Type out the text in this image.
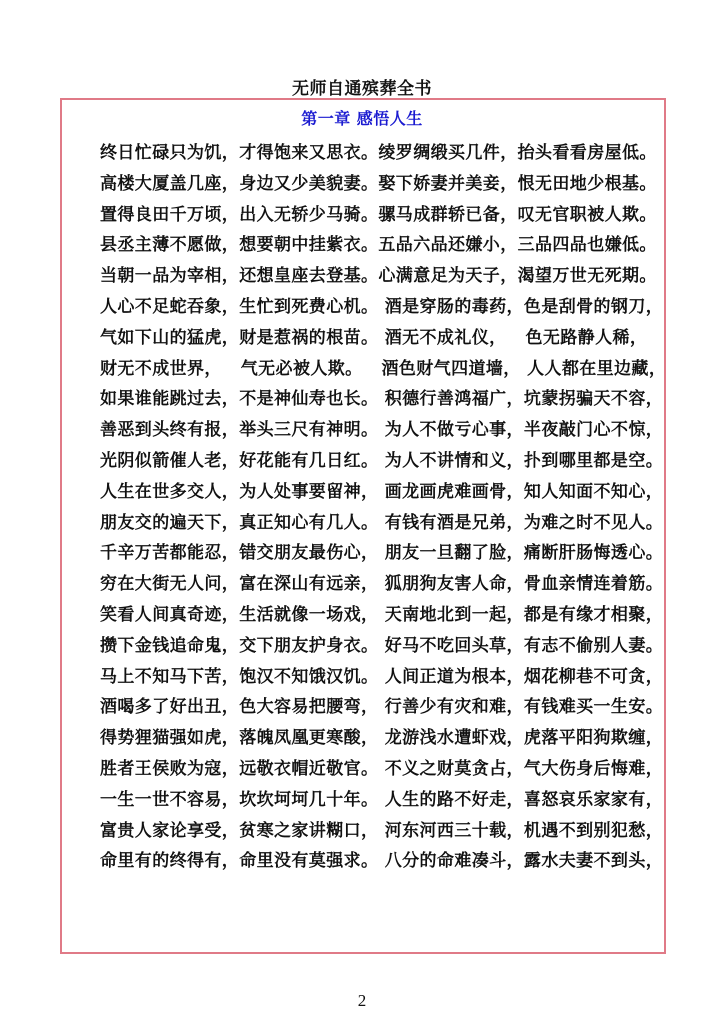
无师自通殡葬全书
第一章 感悟人生
终日忙碌只为饥，才得饱来又思衣。绫罗绸缎买几件，抬头看看房屋低。
高楼大厦盖几座，身边又少美貌妻。娶下娇妻并美妾，恨无田地少根基。
置得良田千万顷，出入无轿少马骑。骡马成群轿已备，叹无官职被人欺。
县丞主薄不愿做，想要朝中挂紫衣。五品六品还嫌小，三品四品也嫌低。
当朝一品为宰相，还想皇座去登基。心满意足为天子，渴望万世无死期。
人心不足蛇吞象，生忙到死费心机。 酒是穿肠的毒药，色是刮骨的钢刀，
气如下山的猛虎，财是惹祸的根苗。 酒无不成礼仪，   色无路静人稀，
财无不成世界，   气无必被人欺。   酒色财气四道墙， 人人都在里边藏，
如果谁能跳过去，不是神仙寿也长。 积德行善鸿福广，坑蒙拐骗天不容，
善恶到头终有报，举头三尺有神明。 为人不做亏心事，半夜敲门心不惊，
光阴似箭催人老，好花能有几日红。 为人不讲情和义，扑到哪里都是空。
人生在世多交人，为人处事要留神， 画龙画虎难画骨，知人知面不知心，
朋友交的遍天下，真正知心有几人。 有钱有酒是兄弟，为难之时不见人。
千辛万苦都能忍，错交朋友最伤心， 朋友一旦翻了脸，痛断肝肠悔透心。
穷在大街无人问，富在深山有远亲， 狐朋狗友害人命，骨血亲情连着筋。
笑看人间真奇迹，生活就像一场戏， 天南地北到一起，都是有缘才相聚，
攒下金钱追命鬼，交下朋友护身衣。 好马不吃回头草，有志不偷别人妻。
马上不知马下苦，饱汉不知饿汉饥。 人间正道为根本，烟花柳巷不可贪，
酒喝多了好出丑，色大容易把腰弯， 行善少有灾和难，有钱难买一生安。
得势狸猫强如虎，落魄凤凰更寒酸， 龙游浅水遭虾戏，虎落平阳狗欺缠，
胜者王侯败为寇，远敬衣帽近敬官。 不义之财莫贪占，气大伤身后悔难，
一生一世不容易，坎坎坷坷几十年。 人生的路不好走，喜怒哀乐家家有，
富贵人家论享受，贫寒之家讲糊口， 河东河西三十载，机遇不到别犯愁，
命里有的终得有，命里没有莫强求。 八分的命难凑斗，露水夫妻不到头，
2
